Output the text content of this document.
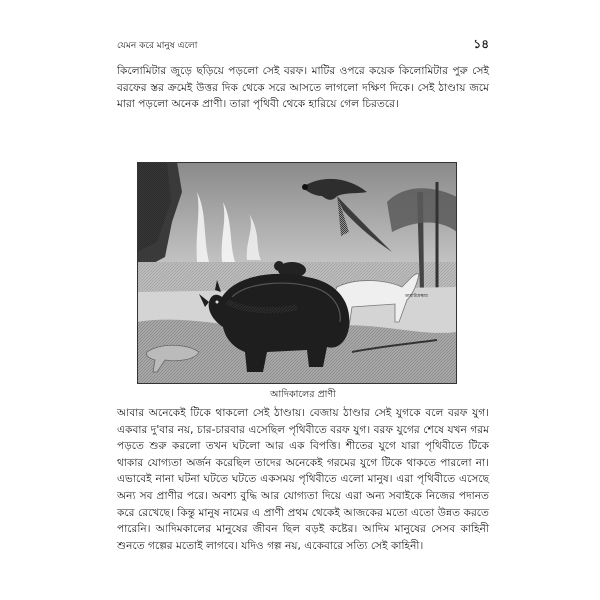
যেমন করে মানুষ এলো	১৪

কিলোমিটার জুড়ে ছড়িয়ে পড়লো সেই বরফ। মাটির ওপরে কয়েক কিলোমিটার পুরু সেই বরফের স্তর ক্রমেই উত্তর দিক থেকে সরে আসতে লাগলো দক্ষিণ দিকে। সেই ঠাণ্ডায় জমে মারা পড়লো অনেক প্রাণী। তারা পৃথিবী থেকে হারিয়ে গেল চিরতরে।

ডায়াটমেল্কার
আদিকালের প্রাণী

আবার অনেকেই টিকে থাকলো সেই ঠাণ্ডায়। বেজায় ঠাণ্ডার সেই যুগকে বলে বরফ যুগ। একবার দু'বার নয়, চার-চারবার এসেছিল পৃথিবীতে বরফ যুগ। বরফ যুগের শেষে যখন গরম পড়তে শুরু করলো তখন ঘটলো আর এক বিপত্তি। শীতের যুগে যারা পৃথিবীতে টিকে থাকার যোগ্যতা অর্জন করেছিল তাদের অনেকেই গরমের যুগে টিকে থাকতে পারলো না। এভাবেই নানা ঘটনা ঘটতে ঘটতে একসময় পৃথিবীতে এলো মানুষ। এরা পৃথিবীতে এসেছে অন্য সব প্রাণীর পরে। অবশ্য বুদ্ধি আর যোগ্যতা দিয়ে এরা অন্য সবাইকে নিজের পদানত করে রেখেছে। কিন্তু মানুষ নামের এ প্রাণী প্রথম থেকেই আজকের মতো এতো উন্নত করতে পারেনি। আদিমকালের মানুষের জীবন ছিল বড়ই কষ্টের। আদিম মানুষের সেসব কাহিনী শুনতে গল্পের মতোই লাগবে। যদিও গল্প নয়, একেবারে সত্যি সেই কাহিনী।
